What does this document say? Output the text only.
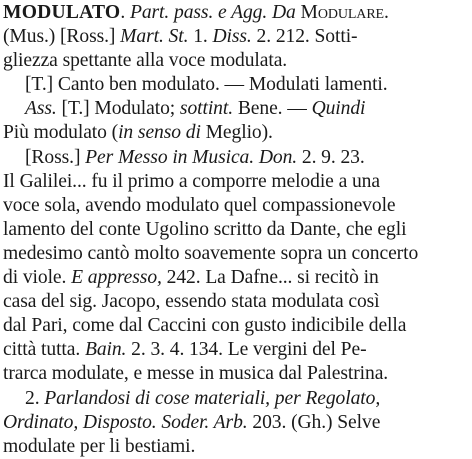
MODULATO. Part. pass. e Agg. Da Modulare.
(Mus.) [Ross.] Mart. St. 1. Diss. 2. 212. Sotti-
gliezza spettante alla voce modulata.
[T.] Canto ben modulato. — Modulati lamenti.
Ass. [T.] Modulato; sottint. Bene. — Quindi
Più modulato (in senso di Meglio).
[Ross.] Per Messo in Musica. Don. 2. 9. 23.
Il Galilei... fu il primo a comporre melodie a una
voce sola, avendo modulato quel compassionevole
lamento del conte Ugolino scritto da Dante, che egli
medesimo cantò molto soavemente sopra un concerto
di viole. E appresso, 242. La Dafne... si recitò in
casa del sig. Jacopo, essendo stata modulata così
dal Pari, come dal Caccini con gusto indicibile della
città tutta. Bain. 2. 3. 4. 134. Le vergini del Pe-
trarca modulate, e messe in musica dal Palestrina.
2. Parlandosi di cose materiali, per Regolato,
Ordinato, Disposto. Soder. Arb. 203. (Gh.) Selve
modulate per li bestiami.
